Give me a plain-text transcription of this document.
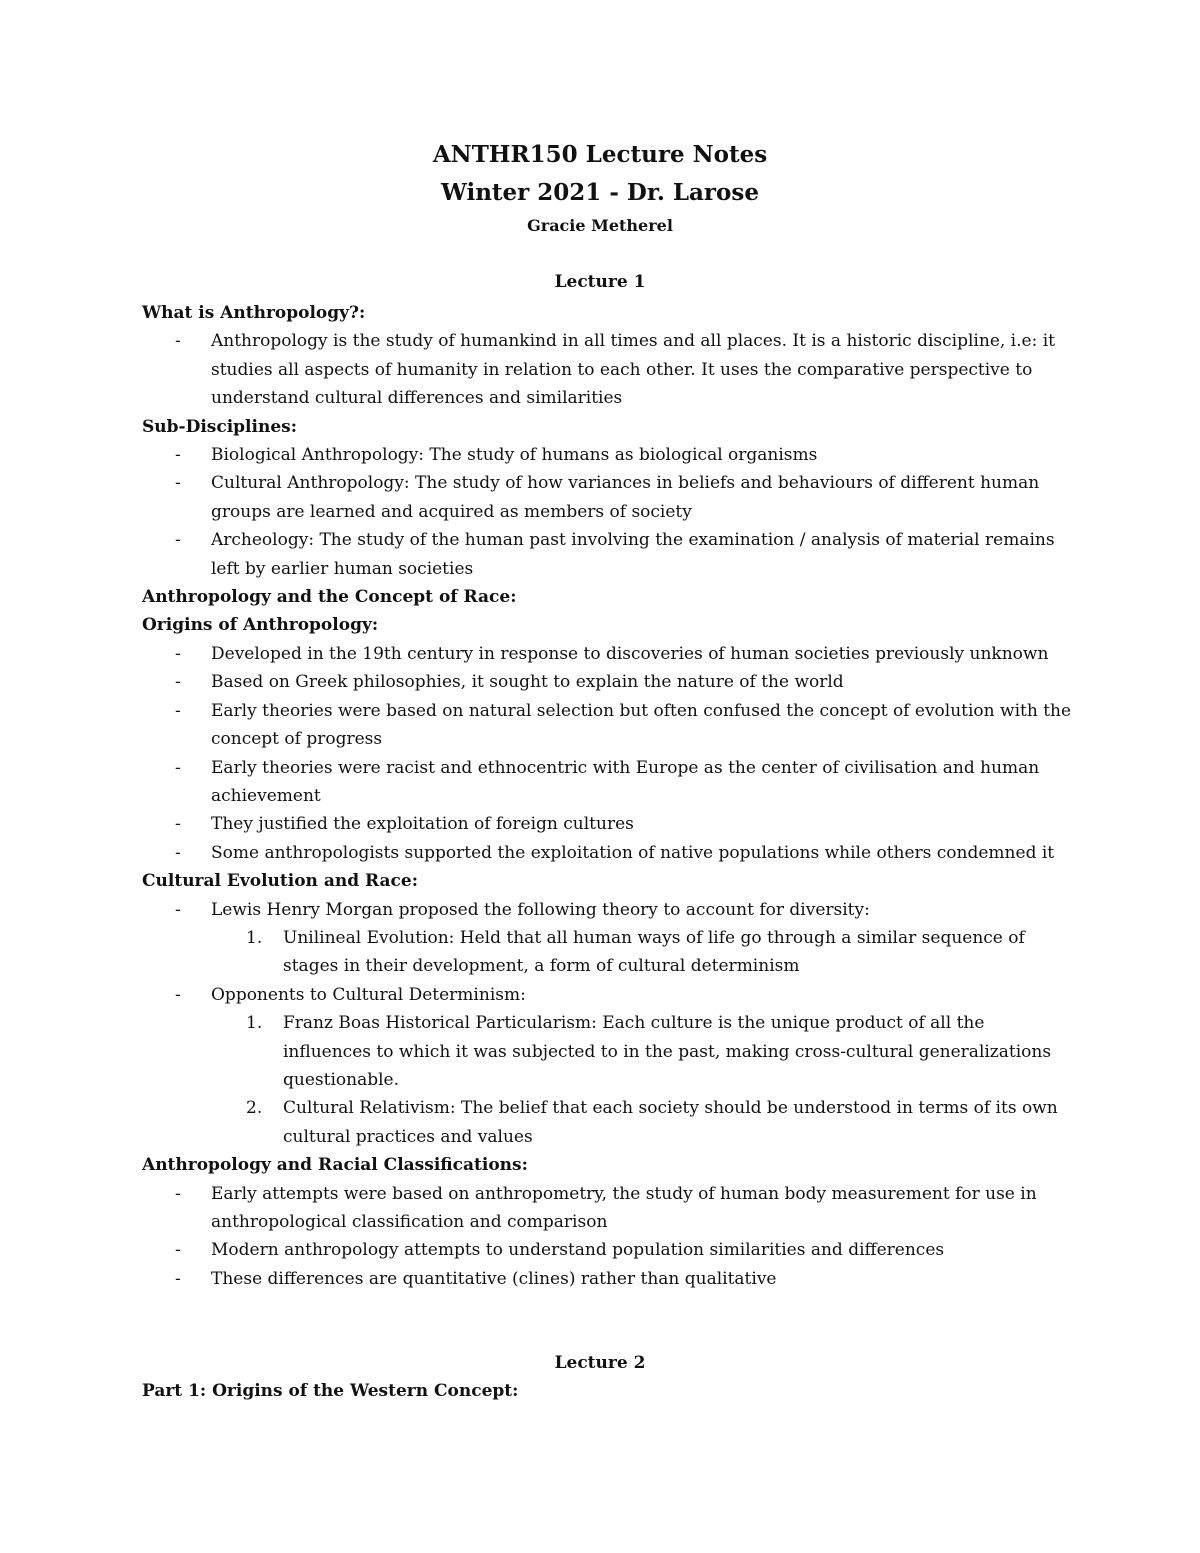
ANTHR150 Lecture Notes
Winter 2021 - Dr. Larose
Gracie Metherel
Lecture 1

What is Anthropology?:

- Anthropology is the study of humankind in all times and all places. It is a historic discipline, i.e: it studies all aspects of humanity in relation to each other. It uses the comparative perspective to understand cultural differences and similarities

Sub-Disciplines:

- Biological Anthropology: The study of humans as biological organisms

- Cultural Anthropology: The study of how variances in beliefs and behaviours of different human groups are learned and acquired as members of society

- Archeology: The study of the human past involving the examination / analysis of material remains left by earlier human societies

Anthropology and the Concept of Race:

Origins of Anthropology:

- Developed in the 19th century in response to discoveries of human societies previously unknown

- Based on Greek philosophies, it sought to explain the nature of the world

- Early theories were based on natural selection but often confused the concept of evolution with the concept of progress

- Early theories were racist and ethnocentric with Europe as the center of civilisation and human achievement

- They justified the exploitation of foreign cultures

- Some anthropologists supported the exploitation of native populations while others condemned it

Cultural Evolution and Race:

- Lewis Henry Morgan proposed the following theory to account for diversity:

1. Unilineal Evolution: Held that all human ways of life go through a similar sequence of stages in their development, a form of cultural determinism

- Opponents to Cultural Determinism:

1. Franz Boas Historical Particularism: Each culture is the unique product of all the influences to which it was subjected to in the past, making cross-cultural generalizations questionable.

2. Cultural Relativism: The belief that each society should be understood in terms of its own cultural practices and values

Anthropology and Racial Classifications:

- Early attempts were based on anthropometry, the study of human body measurement for use in anthropological classification and comparison

- Modern anthropology attempts to understand population similarities and differences

- These differences are quantitative (clines) rather than qualitative

Lecture 2
Part 1: Origins of the Western Concept:
